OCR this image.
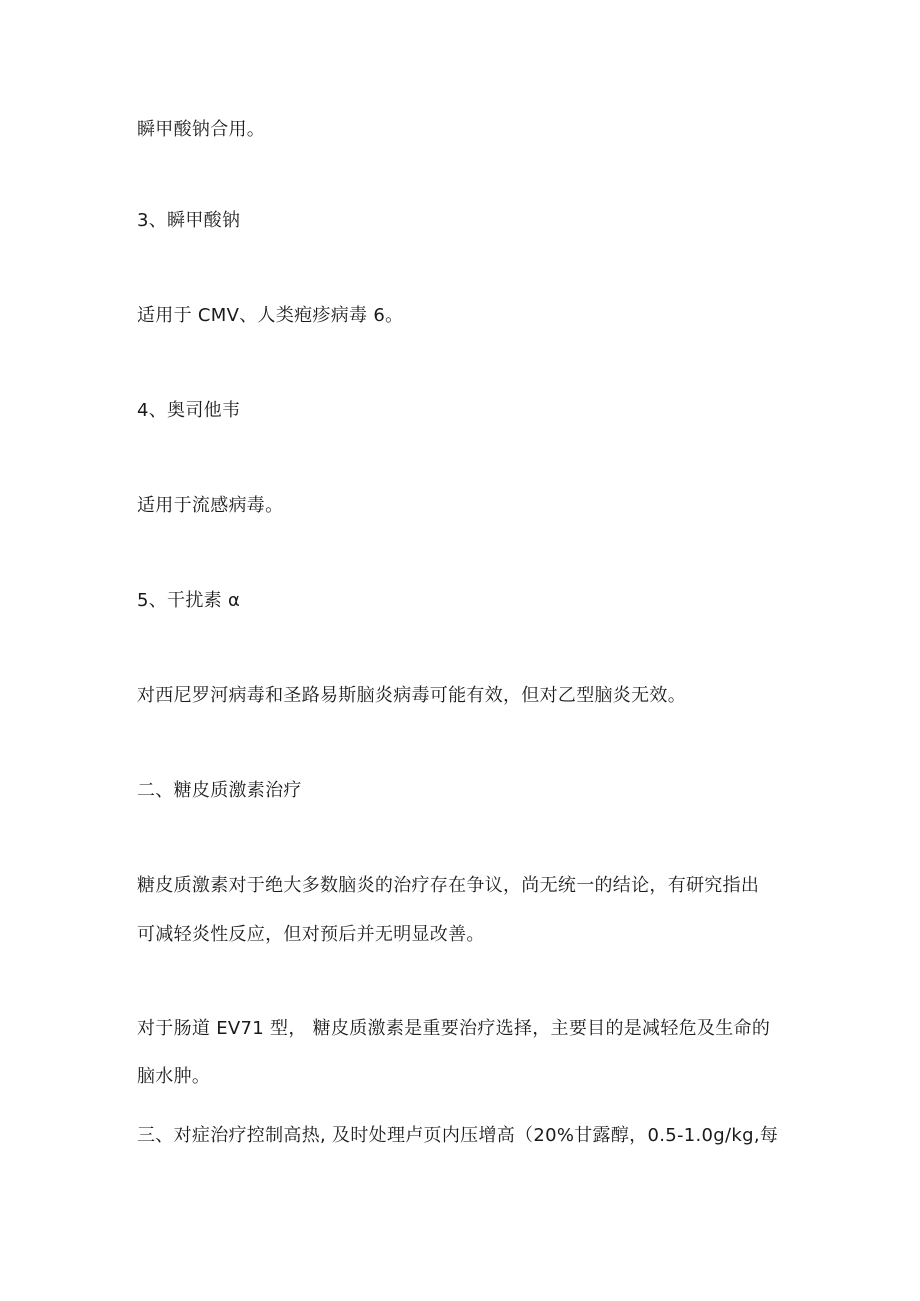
瞬甲酸钠合用。
3、瞬甲酸钠
适用于 CMV、人类疱疹病毒 6。
4、奥司他韦
适用于流感病毒。
5、干扰素 α
对西尼罗河病毒和圣路易斯脑炎病毒可能有效，但对乙型脑炎无效。
二、糖皮质激素治疗
糖皮质激素对于绝大多数脑炎的治疗存在争议，尚无统一的结论，有研究指出
可减轻炎性反应，但对预后并无明显改善。
对于肠道 EV71 型， 糖皮质激素是重要治疗选择，主要目的是减轻危及生命的
脑水肿。
三、对症治疗控制高热, 及时处理卢页内压增高（20%甘露醇，0.5-1.0g∕kg,每
